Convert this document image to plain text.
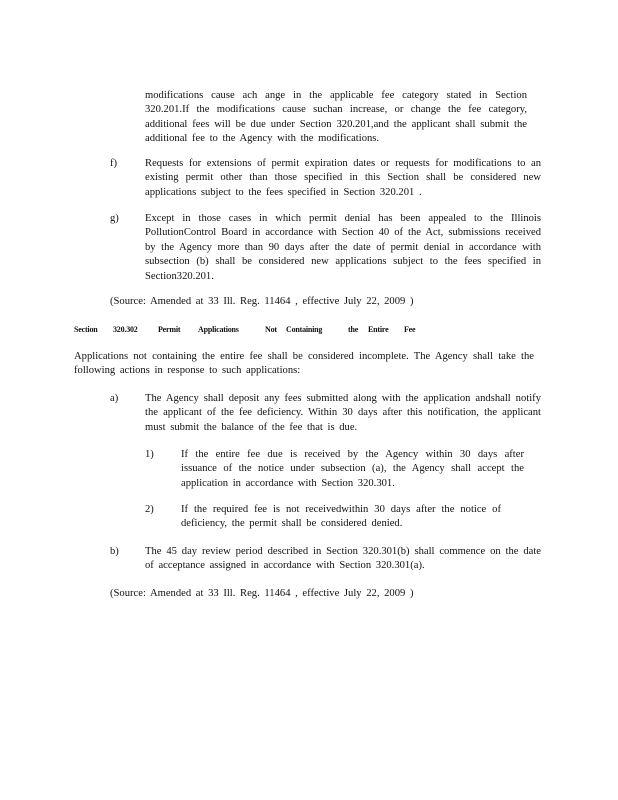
modifications cause ach ange in the applicable fee category stated in Section 320.201.If the modifications cause suchan increase, or change the fee category, additional fees will be due under Section 320.201,and the applicant shall submit the additional fee to the Agency with the modifications.

f)	Requests for extensions of permit expiration dates or requests for modifications to an existing permit other than those specified in this Section shall be considered new applications subject to the fees specified in Section 320.201 .

g) Except in those cases in which permit denial has been appealed to the Illinois PollutionControl Board in accordance with Section 40 of the Act, submissions received by the Agency more than 90 days after the date of permit denial in accordance with subsection (b) shall be considered new applications subject to the fees specified in Section320.201.

(Source: Amended at 33 Ill. Reg. 11464 , effective July 22, 2009 )
Section 320.302	Permit Applications	Not Containing	the Entire Fee

Applications not containing the entire fee shall be considered incomplete. The Agency shall take the following actions in response to such applications:

a)	The Agency shall deposit any fees submitted along with the application andshall notify the applicant of the fee deficiency. Within 30 days after this notification, the applicant must submit the balance of the fee that is due.

1)	If the entire fee due is received by the Agency within 30 days after issuance of the notice under subsection (a), the Agency shall accept the application in accordance with Section 320.301.

2)	If the required fee is not receivedwithin 30 days after the notice of deficiency, the permit shall be considered denied.

b) The 45 day review period described in Section 320.301(b) shall commence on the date of acceptance assigned in accordance with Section 320.301(a).

(Source: Amended at 33 Ill. Reg. 11464 , effective July 22, 2009 )
